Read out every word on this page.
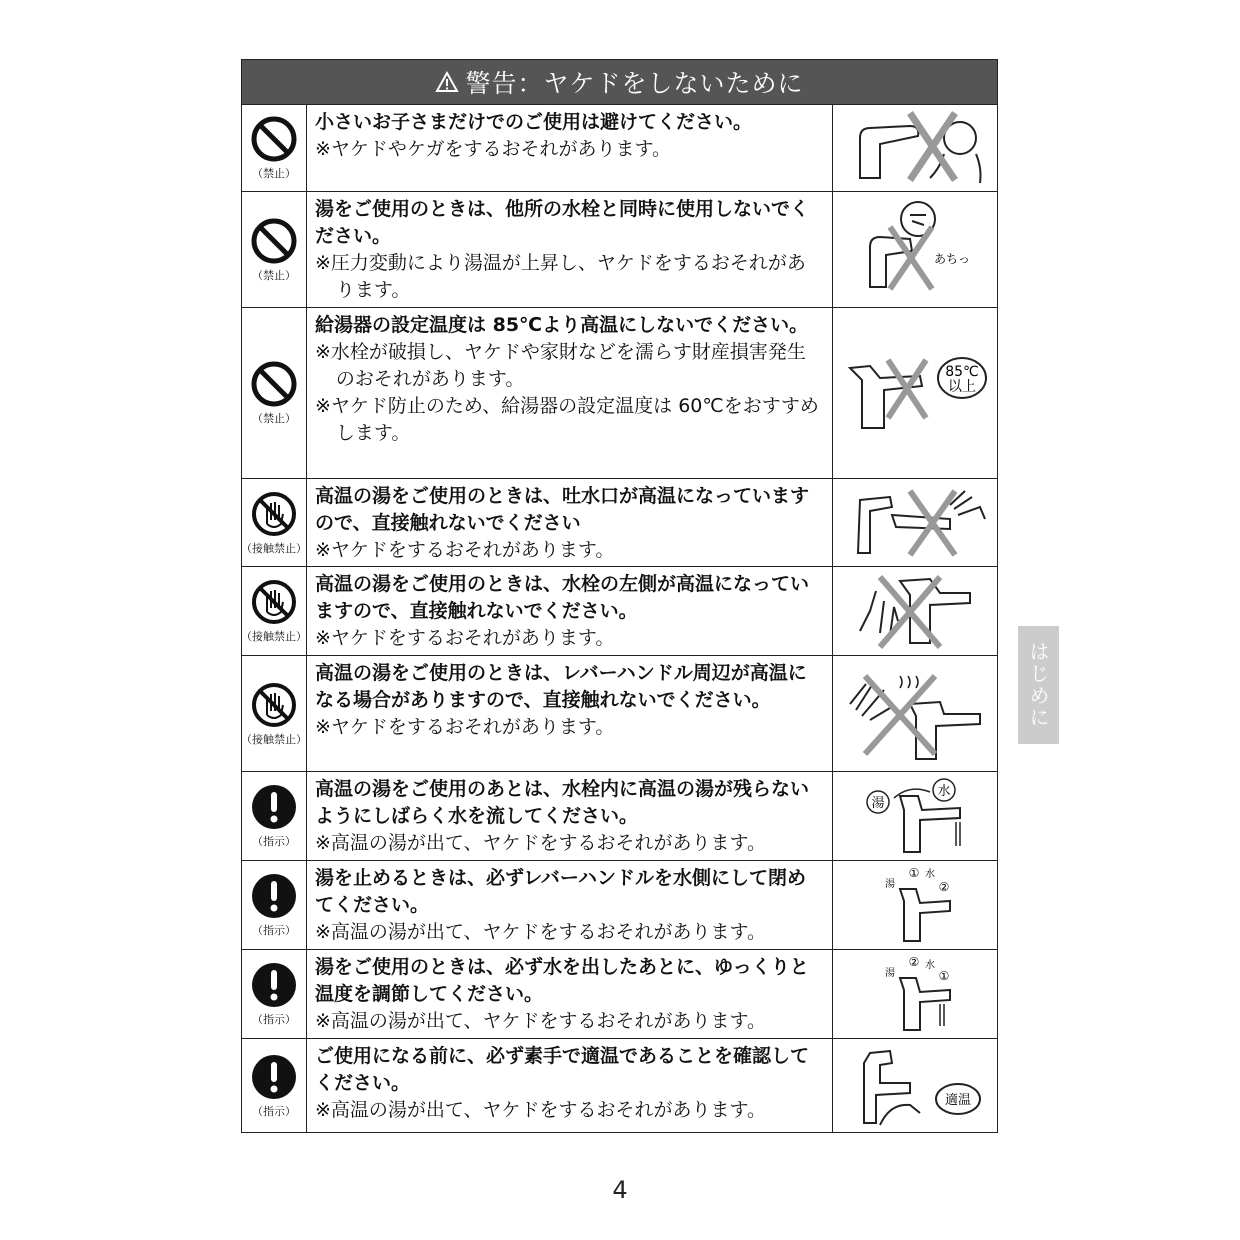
警告：ヤケドをしないために
（禁止）
小さいお子さまだけでのご使用は避けてください。
※ヤケドやケガをするおそれがあります。
（禁止）
湯をご使用のときは、他所の水栓と同時に使用しないでください。
※圧力変動により湯温が上昇し、ヤケドをするおそれがあります。
あちっ
（禁止）
給湯器の設定温度は 85℃より高温にしないでください。
※水栓が破損し、ヤケドや家財などを濡らす財産損害発生のおそれがあります。
※ヤケド防止のため、給湯器の設定温度は 60℃をおすすめします。
85℃
以上
（接触禁止）
高温の湯をご使用のときは、吐水口が高温になっていますので、直接触れないでください
※ヤケドをするおそれがあります。
（接触禁止）
高温の湯をご使用のときは、水栓の左側が高温になっていますので、直接触れないでください。
※ヤケドをするおそれがあります。
（接触禁止）
高温の湯をご使用のときは、レバーハンドル周辺が高温になる場合がありますので、直接触れないでください。
※ヤケドをするおそれがあります。
（指示）
高温の湯をご使用のあとは、水栓内に高温の湯が残らないようにしばらく水を流してください。
※高温の湯が出て、ヤケドをするおそれがあります。
湯
水
（指示）
湯を止めるときは、必ずレバーハンドルを水側にして閉めてください。
※高温の湯が出て、ヤケドをするおそれがあります。
湯
水
①
②
（指示）
湯をご使用のときは、必ず水を出したあとに、ゆっくりと温度を調節してください。
※高温の湯が出て、ヤケドをするおそれがあります。
湯
水
②
①
（指示）
ご使用になる前に、必ず素手で適温であることを確認してください。
※高温の湯が出て、ヤケドをするおそれがあります。	適温
はじめに
4
